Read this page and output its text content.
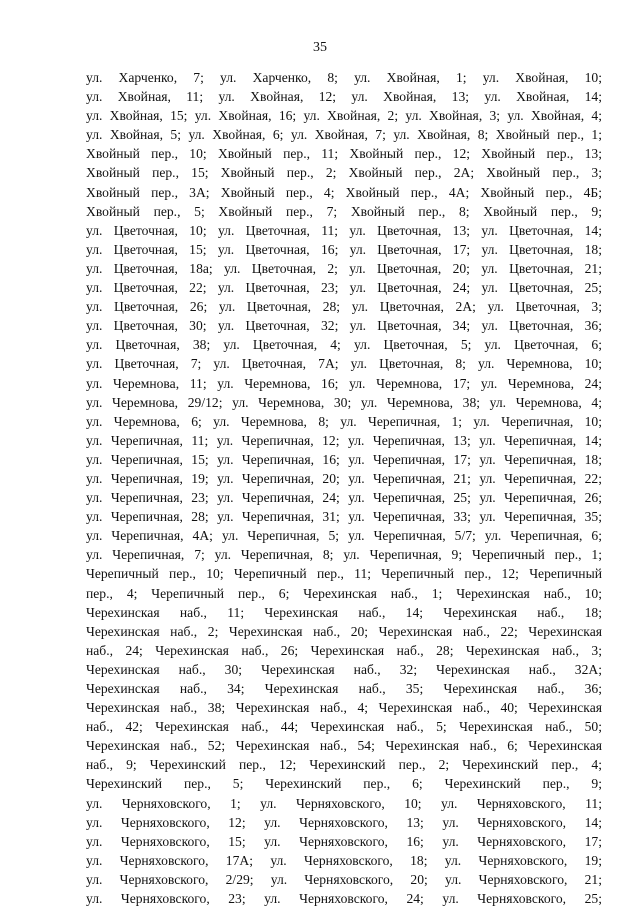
35
ул. Харченко, 7; ул. Харченко, 8; ул. Хвойная, 1; ул. Хвойная, 10;
ул. Хвойная, 11; ул. Хвойная, 12; ул. Хвойная, 13; ул. Хвойная, 14;
ул. Хвойная, 15; ул. Хвойная, 16; ул. Хвойная, 2; ул. Хвойная, 3; ул. Хвойная, 4;
ул. Хвойная, 5; ул. Хвойная, 6; ул. Хвойная, 7; ул. Хвойная, 8; Хвойный пер., 1;
Хвойный пер., 10; Хвойный пер., 11; Хвойный пер., 12; Хвойный пер., 13;
Хвойный пер., 15; Хвойный пер., 2; Хвойный пер., 2А; Хвойный пер., 3;
Хвойный пер., 3А; Хвойный пер., 4; Хвойный пер., 4А; Хвойный пер., 4Б;
Хвойный пер., 5; Хвойный пер., 7; Хвойный пер., 8; Хвойный пер., 9;
ул. Цветочная, 10; ул. Цветочная, 11; ул. Цветочная, 13; ул. Цветочная, 14;
ул. Цветочная, 15; ул. Цветочная, 16; ул. Цветочная, 17; ул. Цветочная, 18;
ул. Цветочная, 18а; ул. Цветочная, 2; ул. Цветочная, 20; ул. Цветочная, 21;
ул. Цветочная, 22; ул. Цветочная, 23; ул. Цветочная, 24; ул. Цветочная, 25;
ул. Цветочная, 26; ул. Цветочная, 28; ул. Цветочная, 2А; ул. Цветочная, 3;
ул. Цветочная, 30; ул. Цветочная, 32; ул. Цветочная, 34; ул. Цветочная, 36;
ул. Цветочная, 38; ул. Цветочная, 4; ул. Цветочная, 5; ул. Цветочная, 6;
ул. Цветочная, 7; ул. Цветочная, 7А; ул. Цветочная, 8; ул. Черемнова, 10;
ул. Черемнова, 11; ул. Черемнова, 16; ул. Черемнова, 17; ул. Черемнова, 24;
ул. Черемнова, 29/12; ул. Черемнова, 30; ул. Черемнова, 38; ул. Черемнова, 4;
ул. Черемнова, 6; ул. Черемнова, 8; ул. Черепичная, 1; ул. Черепичная, 10;
ул. Черепичная, 11; ул. Черепичная, 12; ул. Черепичная, 13; ул. Черепичная, 14;
ул. Черепичная, 15; ул. Черепичная, 16; ул. Черепичная, 17; ул. Черепичная, 18;
ул. Черепичная, 19; ул. Черепичная, 20; ул. Черепичная, 21; ул. Черепичная, 22;
ул. Черепичная, 23; ул. Черепичная, 24; ул. Черепичная, 25; ул. Черепичная, 26;
ул. Черепичная, 28; ул. Черепичная, 31; ул. Черепичная, 33; ул. Черепичная, 35;
ул. Черепичная, 4А; ул. Черепичная, 5; ул. Черепичная, 5/7; ул. Черепичная, 6;
ул. Черепичная, 7; ул. Черепичная, 8; ул. Черепичная, 9; Черепичный пер., 1;
Черепичный пер., 10; Черепичный пер., 11; Черепичный пер., 12; Черепичный
пер., 4; Черепичный пер., 6; Черехинская наб., 1; Черехинская наб., 10;
Черехинская наб., 11; Черехинская наб., 14; Черехинская наб., 18;
Черехинская наб., 2; Черехинская наб., 20; Черехинская наб., 22; Черехинская
наб., 24; Черехинская наб., 26; Черехинская наб., 28; Черехинская наб., 3;
Черехинская наб., 30; Черехинская наб., 32; Черехинская наб., 32А;
Черехинская наб., 34; Черехинская наб., 35; Черехинская наб., 36;
Черехинская наб., 38; Черехинская наб., 4; Черехинская наб., 40; Черехинская
наб., 42; Черехинская наб., 44; Черехинская наб., 5; Черехинская наб., 50;
Черехинская наб., 52; Черехинская наб., 54; Черехинская наб., 6; Черехинская
наб., 9; Черехинский пер., 12; Черехинский пер., 2; Черехинский пер., 4;
Черехинский пер., 5; Черехинский пер., 6; Черехинский пер., 9;
ул. Черняховского, 1; ул. Черняховского, 10; ул. Черняховского, 11;
ул. Черняховского, 12; ул. Черняховского, 13; ул. Черняховского, 14;
ул. Черняховского, 15; ул. Черняховского, 16; ул. Черняховского, 17;
ул. Черняховского, 17А; ул. Черняховского, 18; ул. Черняховского, 19;
ул. Черняховского, 2/29; ул. Черняховского, 20; ул. Черняховского, 21;
ул. Черняховского, 23; ул. Черняховского, 24; ул. Черняховского, 25;
